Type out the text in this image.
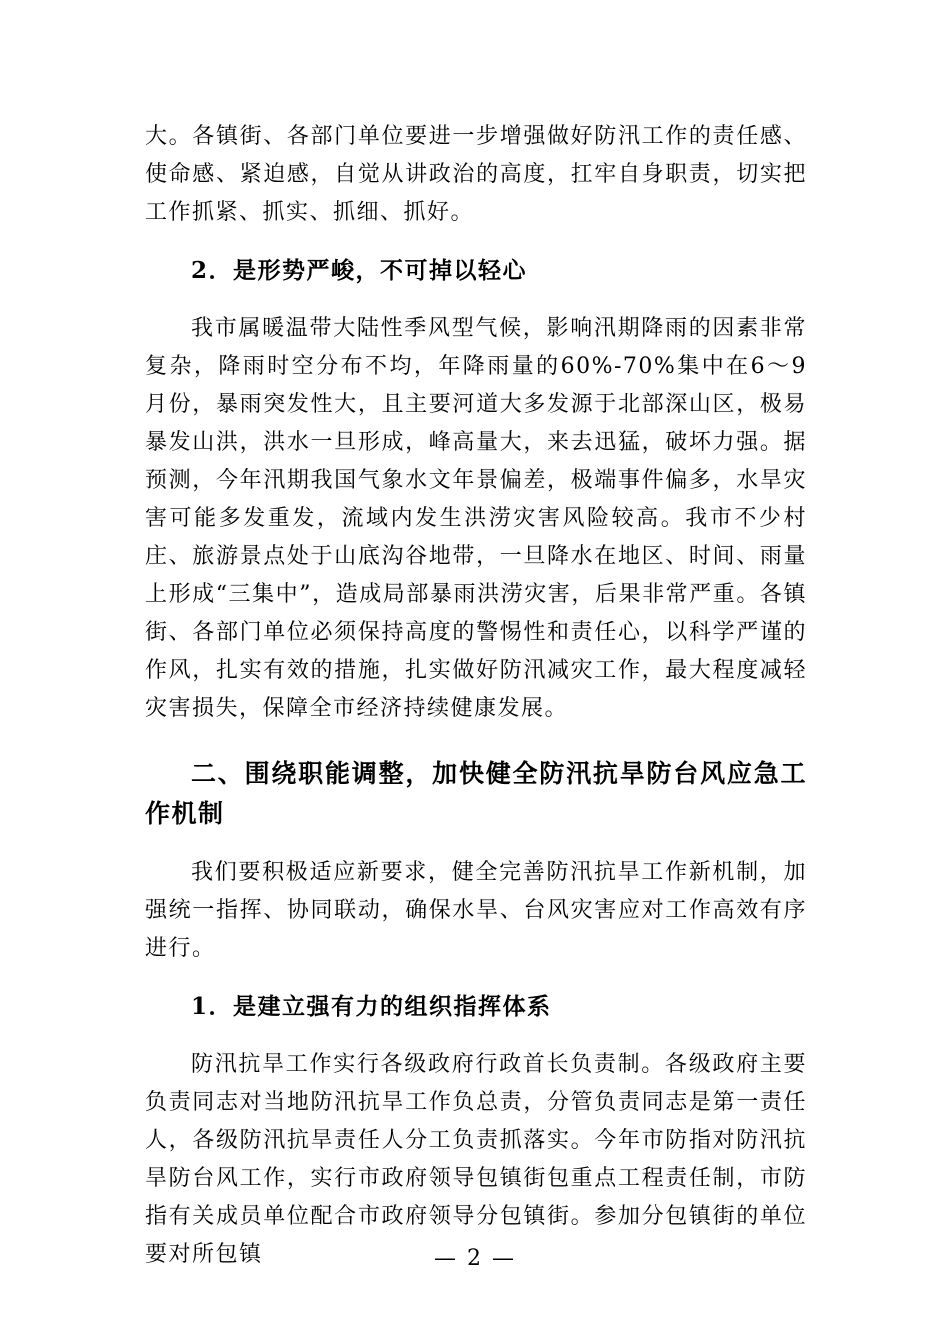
大。各镇街、各部门单位要进一步增强做好防汛工作的责任感、使命感、紧迫感，自觉从讲政治的高度，扛牢自身职责，切实把工作抓紧、抓实、抓细、抓好。

2．是形势严峻，不可掉以轻心

我市属暖温带大陆性季风型气候，影响汛期降雨的因素非常复杂，降雨时空分布不均，年降雨量的60%-70%集中在6～9月份，暴雨突发性大，且主要河道大多发源于北部深山区，极易暴发山洪，洪水一旦形成，峰高量大，来去迅猛，破坏力强。据预测，今年汛期我国气象水文年景偏差，极端事件偏多，水旱灾害可能多发重发，流域内发生洪涝灾害风险较高。我市不少村庄、旅游景点处于山底沟谷地带，一旦降水在地区、时间、雨量上形成“三集中”，造成局部暴雨洪涝灾害，后果非常严重。各镇街、各部门单位必须保持高度的警惕性和责任心，以科学严谨的作风，扎实有效的措施，扎实做好防汛减灾工作，最大程度减轻灾害损失，保障全市经济持续健康发展。

二、围绕职能调整，加快健全防汛抗旱防台风应急工作机制

我们要积极适应新要求，健全完善防汛抗旱工作新机制，加强统一指挥、协同联动，确保水旱、台风灾害应对工作高效有序进行。

1．是建立强有力的组织指挥体系

防汛抗旱工作实行各级政府行政首长负责制。各级政府主要负责同志对当地防汛抗旱工作负总责，分管负责同志是第一责任人，各级防汛抗旱责任人分工负责抓落实。今年市防指对防汛抗旱防台风工作，实行市政府领导包镇街包重点工程责任制，市防指有关成员单位配合市政府领导分包镇街。参加分包镇街的单位要对所包镇	— 2 —
